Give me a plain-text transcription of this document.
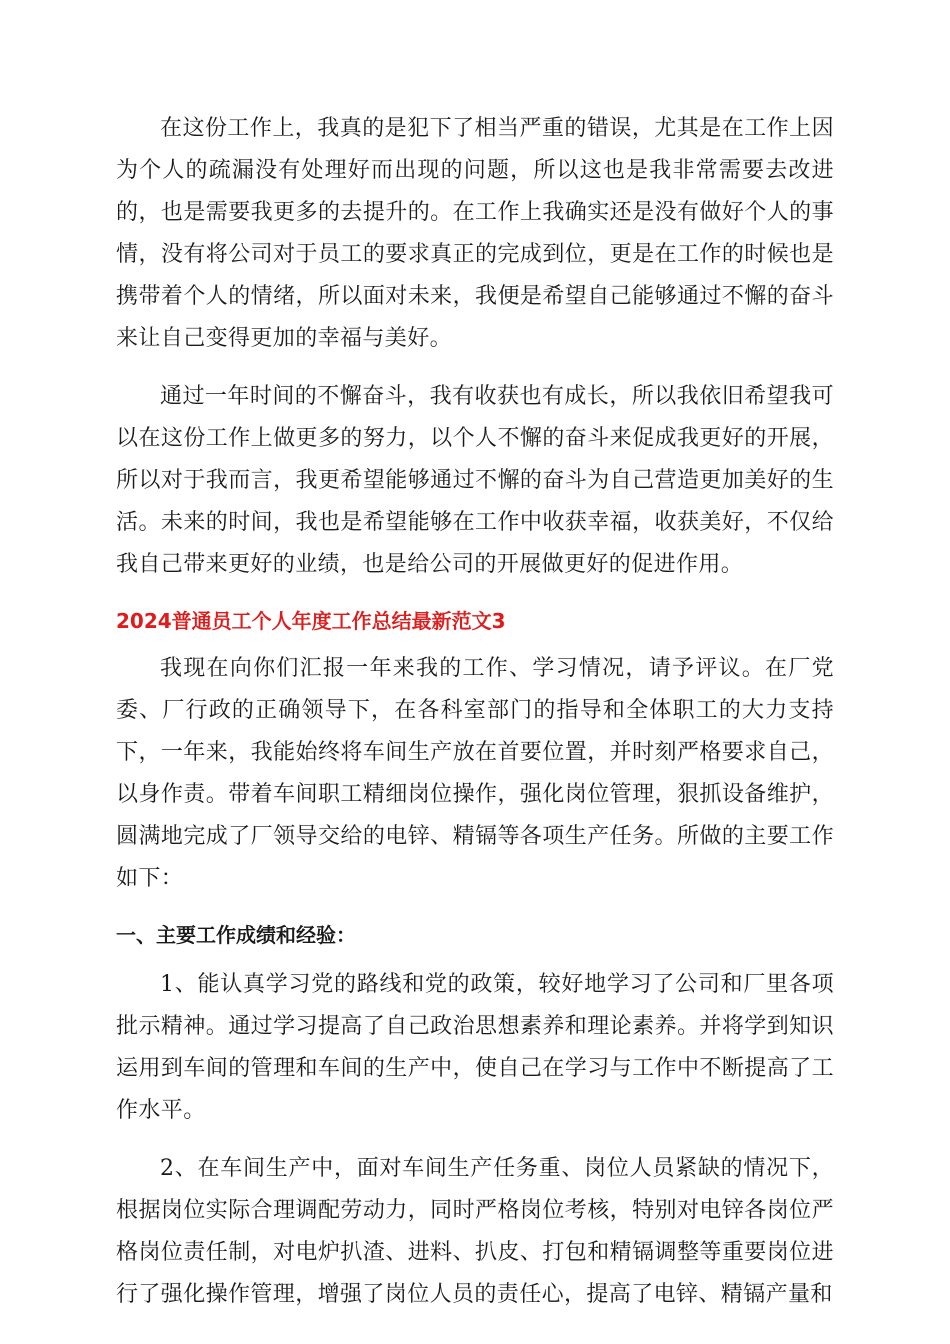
在这份工作上，我真的是犯下了相当严重的错误，尤其是在工作上因为个人的疏漏没有处理好而出现的问题，所以这也是我非常需要去改进的，也是需要我更多的去提升的。在工作上我确实还是没有做好个人的事情，没有将公司对于员工的要求真正的完成到位，更是在工作的时候也是携带着个人的情绪，所以面对未来，我便是希望自己能够通过不懈的奋斗来让自己变得更加的幸福与美好。

通过一年时间的不懈奋斗，我有收获也有成长，所以我依旧希望我可以在这份工作上做更多的努力，以个人不懈的奋斗来促成我更好的开展，所以对于我而言，我更希望能够通过不懈的奋斗为自己营造更加美好的生活。未来的时间，我也是希望能够在工作中收获幸福，收获美好，不仅给我自己带来更好的业绩，也是给公司的开展做更好的促进作用。

2024普通员工个人年度工作总结最新范文3

我现在向你们汇报一年来我的工作、学习情况，请予评议。在厂党委、厂行政的正确领导下，在各科室部门的指导和全体职工的大力支持下，一年来，我能始终将车间生产放在首要位置，并时刻严格要求自己，以身作责。带着车间职工精细岗位操作，强化岗位管理，狠抓设备维护，圆满地完成了厂领导交给的电锌、精镉等各项生产任务。所做的主要工作如下：

一、主要工作成绩和经验：

1、能认真学习党的路线和党的政策，较好地学习了公司和厂里各项批示精神。通过学习提高了自己政治思想素养和理论素养。并将学到知识运用到车间的管理和车间的生产中，使自己在学习与工作中不断提高了工作水平。

2、在车间生产中，面对车间生产任务重、岗位人员紧缺的情况下，根据岗位实际合理调配劳动力，同时严格岗位考核，特别对电锌各岗位严格岗位责任制，对电炉扒渣、进料、扒皮、打包和精镉调整等重要岗位进行了强化操作管理，增强了岗位人员的责任心，提高了电锌、精镉产量和
